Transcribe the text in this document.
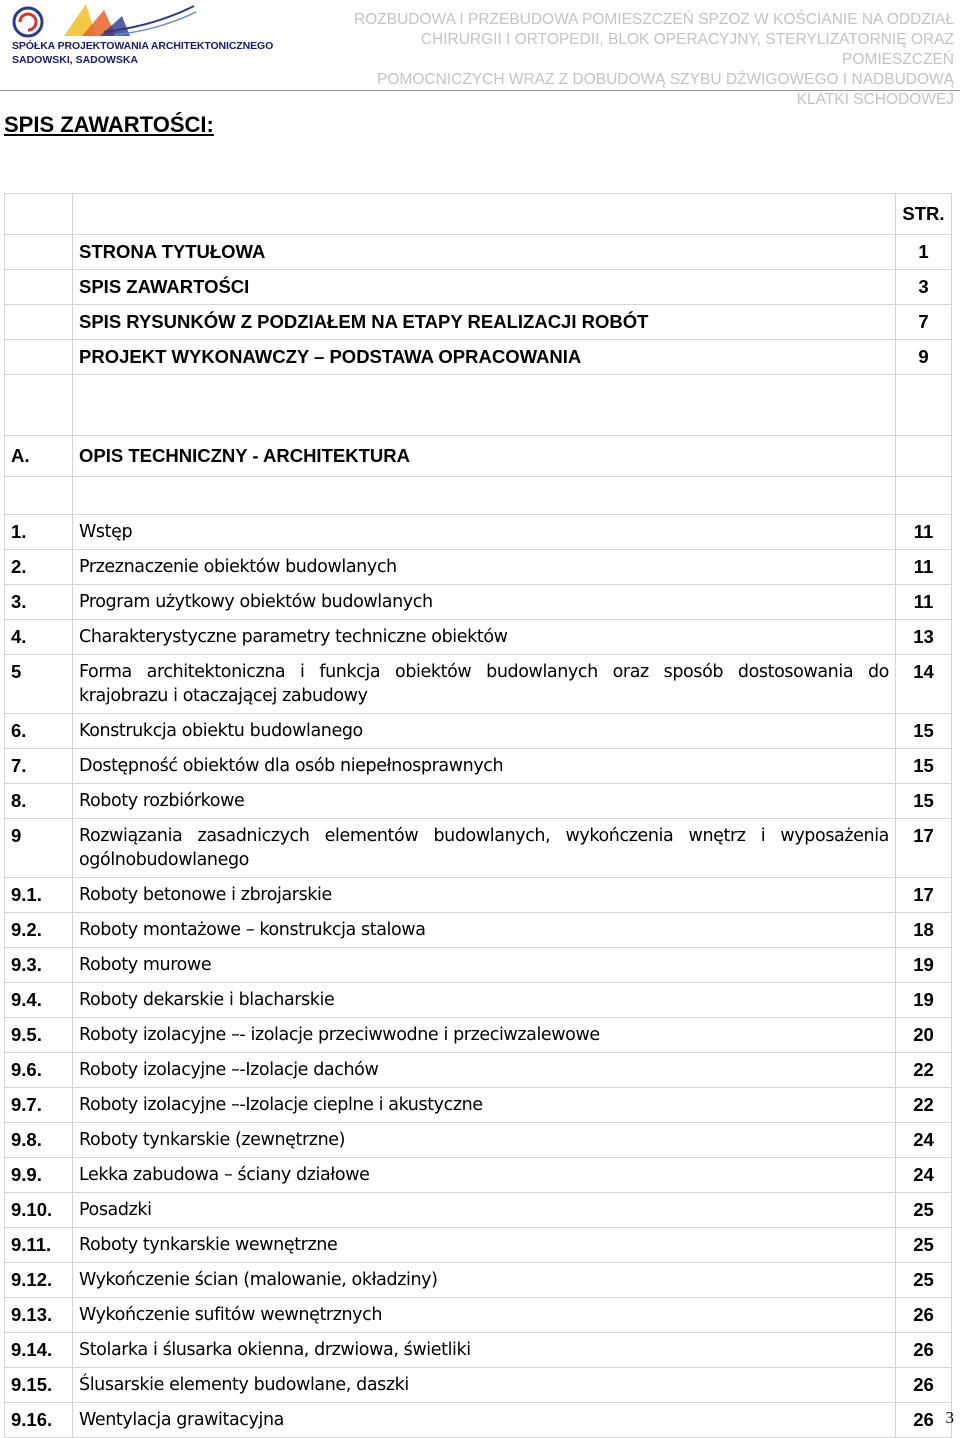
SPÓŁKA PROJEKTOWANIA ARCHITEKTONICZNEGO
SADOWSKI, SADOWSKA
ROZBUDOWA I PRZEBUDOWA POMIESZCZEŃ SPZOZ W KOŚCIANIE NA ODDZIAŁ
CHIRURGII I ORTOPEDII, BLOK OPERACYJNY, STERYLIZATORNIĘ ORAZ POMIESZCZEŃ
POMOCNICZYCH WRAZ Z DOBUDOWĄ SZYBU DŹWIGOWEGO I NADBUDOWĄ KLATKI SCHODOWEJ
SPIS ZAWARTOŚCI:
		STR.
	STRONA TYTUŁOWA	1
	SPIS ZAWARTOŚCI	3
	SPIS RYSUNKÓW Z PODZIAŁEM NA ETAPY REALIZACJI ROBÓT	7
	PROJEKT WYKONAWCZY – PODSTAWA OPRACOWANIA	9

A.	OPIS TECHNICZNY - ARCHITEKTURA	

1.	Wstęp	11
2.	Przeznaczenie obiektów budowlanych	11
3.	Program użytkowy obiektów budowlanych	11
4.	Charakterystyczne parametry techniczne obiektów	13
5	Forma architektoniczna i funkcja obiektów budowlanych oraz sposób dostosowania do krajobrazu i otaczającej zabudowy	14
6.	Konstrukcja obiektu budowlanego	15
7.	Dostępność obiektów dla osób niepełnosprawnych	15
8.	Roboty rozbiórkowe	15
9	Rozwiązania zasadniczych elementów budowlanych, wykończenia wnętrz i wyposażenia ogólnobudowlanego	17
9.1.	Roboty betonowe i zbrojarskie	17
9.2.	Roboty montażowe – konstrukcja stalowa	18
9.3.	Roboty murowe	19
9.4.	Roboty dekarskie i blacharskie	19
9.5.	Roboty izolacyjne –- izolacje przeciwwodne i przeciwzalewowe	20
9.6.	Roboty izolacyjne –-Izolacje dachów	22
9.7.	Roboty izolacyjne –-Izolacje cieplne i akustyczne	22
9.8.	Roboty tynkarskie (zewnętrzne)	24
9.9.	Lekka zabudowa – ściany działowe	24
9.10.	Posadzki	25
9.11.	Roboty tynkarskie wewnętrzne	25
9.12.	Wykończenie ścian (malowanie, okładziny)	25
9.13.	Wykończenie sufitów wewnętrznych	26
9.14.	Stolarka i ślusarka okienna, drzwiowa, świetliki	26
9.15.	Ślusarskie elementy budowlane, daszki	26
9.16.	Wentylacja grawitacyjna	26 3
